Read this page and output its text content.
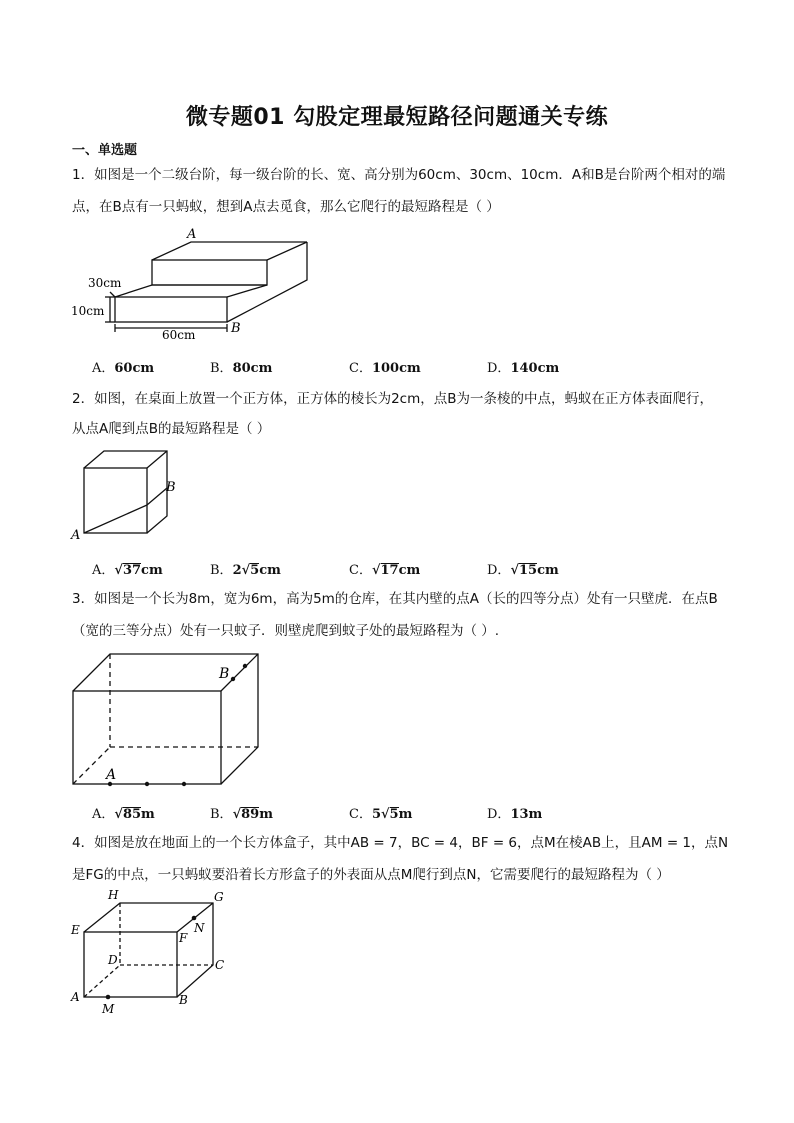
微专题01 勾股定理最短路径问题通关专练
一、单选题
1．如图是一个二级台阶，每一级台阶的长、宽、高分别为60cm、30cm、10cm．A和B是台阶两个相对的端
点，在B点有一只蚂蚁，想到A点去觅食，那么它爬行的最短路程是（ ）
A
B
30cm
10cm
60cm
A．60cm	B．80cm	C．100cm	D．140cm
2．如图，在桌面上放置一个正方体，正方体的棱长为2cm，点B为一条棱的中点，蚂蚁在正方体表面爬行，
从点A爬到点B的最短路程是（ ）
A
B
A．√37cm	B．2√5cm	C．√17cm	D．√15cm
3．如图是一个长为8m，宽为6m，高为5m的仓库，在其内壁的点A（长的四等分点）处有一只壁虎．在点B
（宽的三等分点）处有一只蚊子．则壁虎爬到蚊子处的最短路程为（ ）.
A
B
A．√85m	B．√89m	C．5√5m	D．13m
4．如图是放在地面上的一个长方体盒子，其中AB = 7，BC = 4，BF = 6，点M在棱AB上，且AM = 1，点N
是FG的中点，一只蚂蚁要沿着长方形盒子的外表面从点M爬行到点N，它需要爬行的最短路程为（ ）
H	G
E
F
N
D	C
A	B
M
